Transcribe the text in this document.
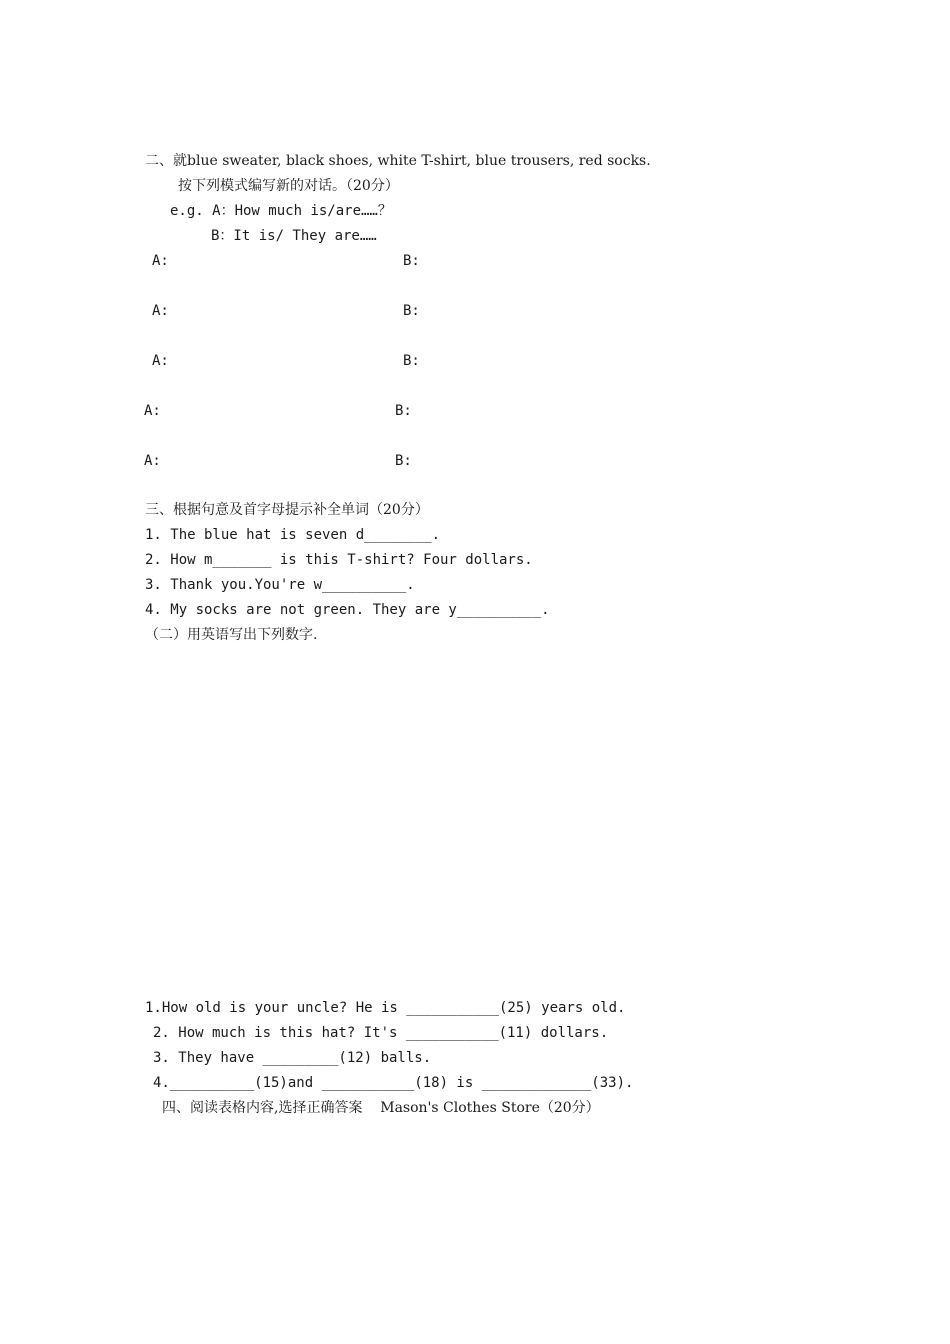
二、就blue sweater, black shoes, white T-shirt, blue trousers, red socks.
按下列模式编写新的对话。（20分）
e.g. A：How much is/are……？
B：It is/ They are……
A:	B:
A:	B:
A:	B:
A:	B:
A:	B:
三、根据句意及首字母提示补全单词（20分）
1. The blue hat is seven d________.
2. How m_______ is this T-shirt? Four dollars.
3. Thank you.You're w__________.
4. My socks are not green. They are y__________.
（二）用英语写出下列数字.
1.How old is your uncle? He is ___________(25) years old.
2. How much is this hat? It's ___________(11) dollars.
3. They have _________(12) balls.
4.__________(15)and ___________(18) is _____________(33).
四、阅读表格内容,选择正确答案    Mason's Clothes Store（20分）
